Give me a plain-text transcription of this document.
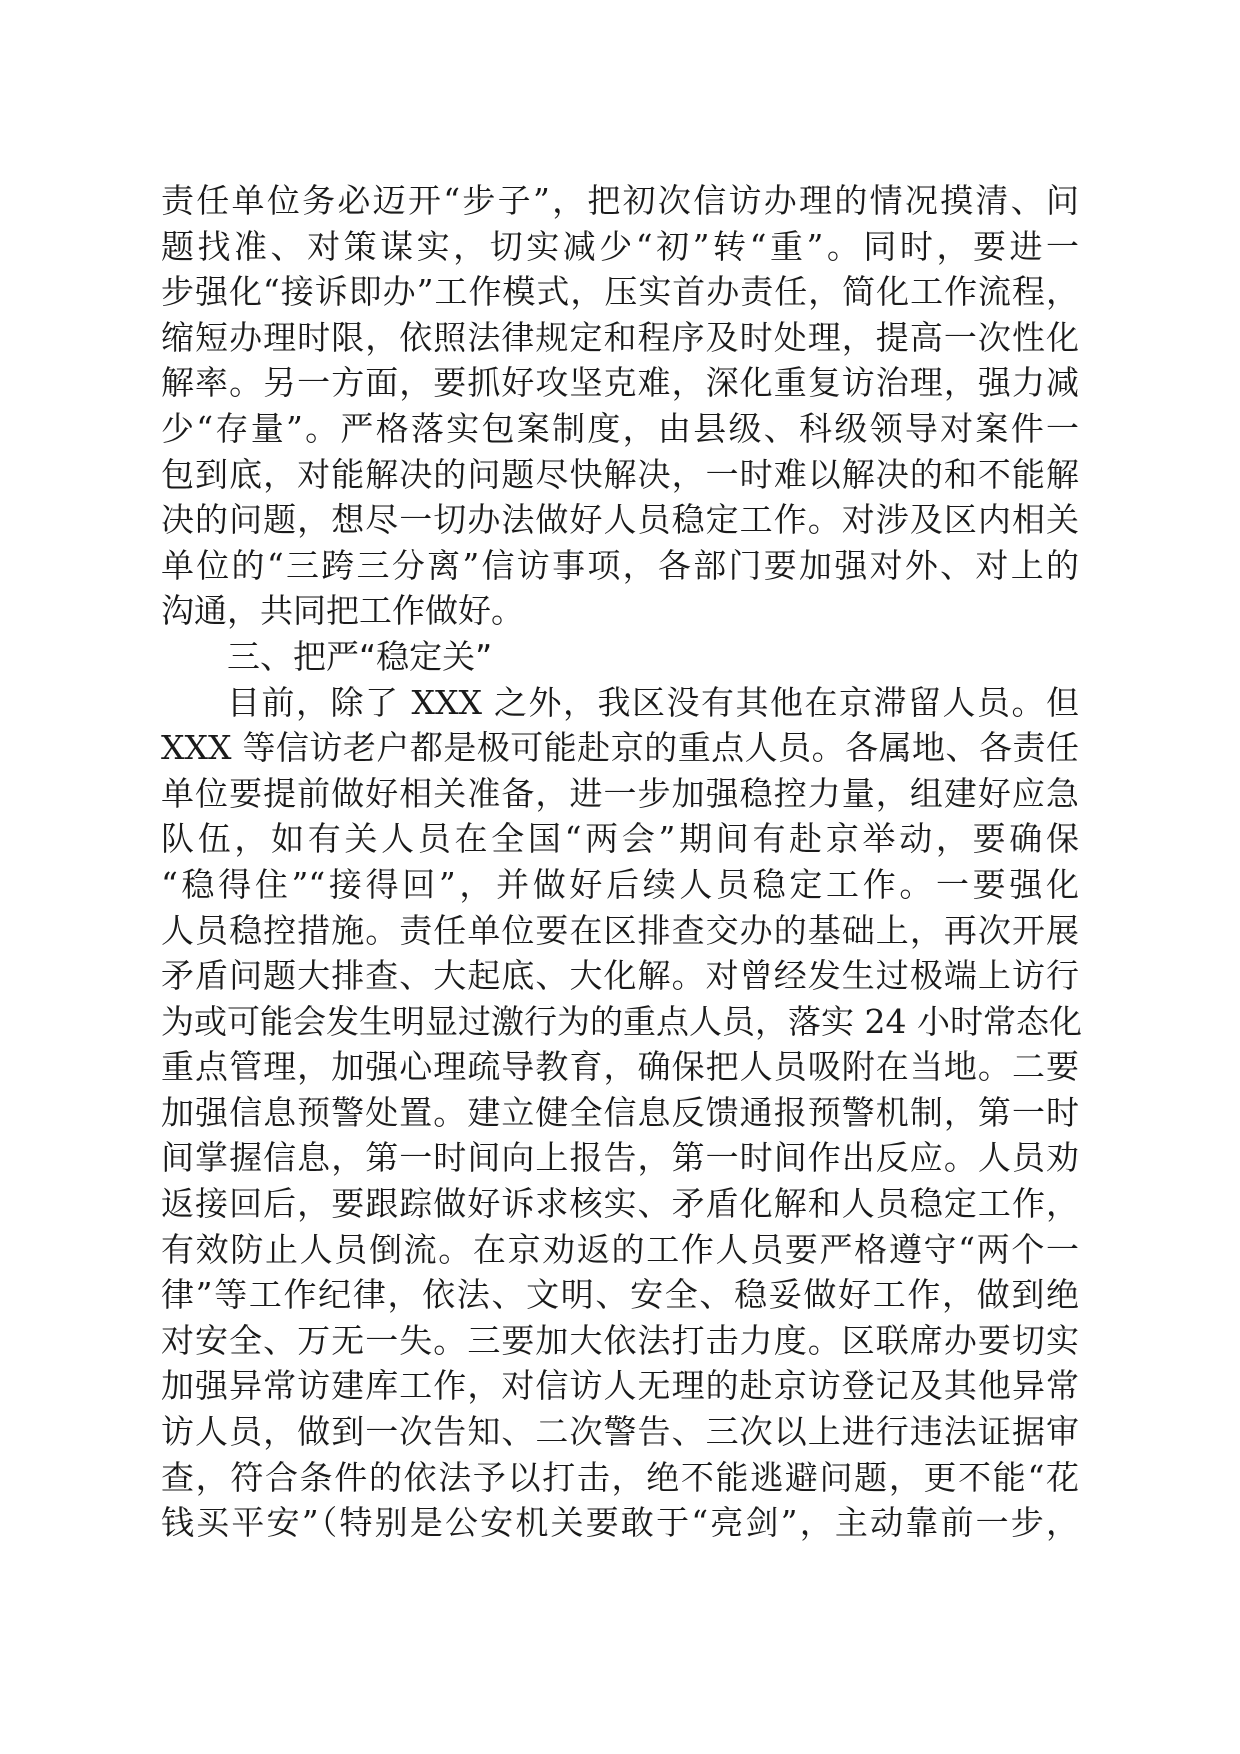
责任单位务必迈开“步子”，把初次信访办理的情况摸清、问
题找准、对策谋实，切实减少“初”转“重”。同时，要进一
步强化“接诉即办”工作模式，压实首办责任，简化工作流程，
缩短办理时限，依照法律规定和程序及时处理，提高一次性化
解率。另一方面，要抓好攻坚克难，深化重复访治理，强力减
少“存量”。严格落实包案制度，由县级、科级领导对案件一
包到底，对能解决的问题尽快解决，一时难以解决的和不能解
决的问题，想尽一切办法做好人员稳定工作。对涉及区内相关
单位的“三跨三分离”信访事项，各部门要加强对外、对上的
沟通，共同把工作做好。
三、把严“稳定关”
目前，除了 XXX 之外，我区没有其他在京滞留人员。但
XXX 等信访老户都是极可能赴京的重点人员。各属地、各责任
单位要提前做好相关准备，进一步加强稳控力量，组建好应急
队伍，如有关人员在全国“两会”期间有赴京举动，要确保
“稳得住”“接得回”，并做好后续人员稳定工作。一要强化
人员稳控措施。责任单位要在区排查交办的基础上，再次开展
矛盾问题大排查、大起底、大化解。对曾经发生过极端上访行
为或可能会发生明显过激行为的重点人员，落实 24 小时常态化
重点管理，加强心理疏导教育，确保把人员吸附在当地。二要
加强信息预警处置。建立健全信息反馈通报预警机制，第一时
间掌握信息，第一时间向上报告，第一时间作出反应。人员劝
返接回后，要跟踪做好诉求核实、矛盾化解和人员稳定工作，
有效防止人员倒流。在京劝返的工作人员要严格遵守“两个一
律”等工作纪律，依法、文明、安全、稳妥做好工作，做到绝
对安全、万无一失。三要加大依法打击力度。区联席办要切实
加强异常访建库工作，对信访人无理的赴京访登记及其他异常
访人员，做到一次告知、二次警告、三次以上进行违法证据审
查，符合条件的依法予以打击，绝不能逃避问题，更不能“花
钱买平安”（特别是公安机关要敢于“亮剑”，主动靠前一步，
